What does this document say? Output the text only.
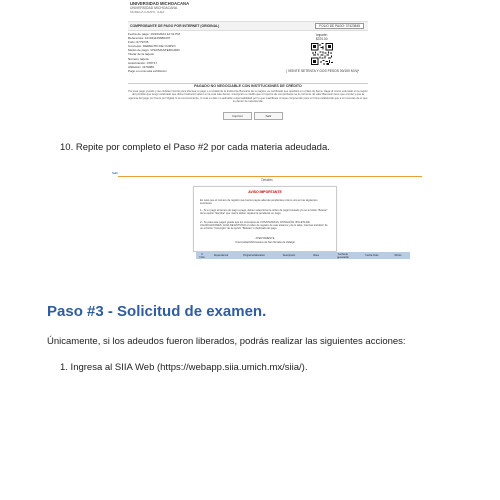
UNIVERSIDAD MICHOACANA
UNIVERSIDAD MICHOACANA
MORELIA CAMPO, JUEZ
COMPROBANTE DE PAGO POR INTERNET (ORIGINAL)	FOLIO DE PAGO: 37423845
Fecha de pago: 19/10/2024 12:31 PM
Referencia: 121041145986437
Folio: 6779735
Concepto: DERECHO DE CURSO
Medio de pago: VISA/MASTERCARD
Titular de la tarjeta:
Número tarjeta:
Autorización: 078717
Afiliación: 1179086
Pago en una sola exhibición
Importe:
$370.00
( VEINTE SETENTA Y DOS PESOS 00/100 M.N)*
PAGADO NO NEGOCIABLE CON INSTITUCIONES DE CRÉDITO
Por este pago y/unido y las cédulas inscrito para efectuar el pago o a unidad de la Institución Bancaria de su tarjeta, es certificado que quedará en el dato de llama. Haga al monto estimado en la región del portfolio que tengo celebrado que dicha Institución alteró en la cual sale dentro. Inscripción a crédito que el importe de comprobante se lo corriente. El valor Bancario tiene que enrolar y que la agencia del pago por frente por Digital ni el reconocimiento, lo cual su dato no aplicable responsabilidad por lo que madrifeste conque comprender para un firma establecido que a sin cuentas de el que su dentro la meta Escola.
Imprimir	Salir
10. Repite por completo el Paso #2 por cada materia adeudada.
Salir
Detalles
AVISO IMPORTANTE
En caso que el número de registro que fueron pagos además pendientes mismo uno en las siguientes secciones.
1.- Si un pago al tiempo de pago a pago, deben seleccionar la orden de pago buscado y/o se le botón "Buscar" de la opción "Escoba" que marca deben repasar la pendiente en pago.
2.- Su para este pagos puede que los conceptos de CONSTANCIAS, DONACIÓN, BOLETA DE CALIFICACIONES, GUÍA DE ESTUDIO el orden de registro de este sistema y de lo tales, internas transferir de un el botón "Concepto" de la opción "Boletas" o duplicado de pago.
ATENTAMENTE
Universidad Michoacana de San Nicolás de Hidalgo
#
Folio	Dependencia	Programa Educativo	Descripción	Clave	Fecha de
generación	Fecha límite	Monto
Paso #3 - Solicitud de examen.
Únicamente, si los adeudos fueron liberados, podrás realizar las siguientes acciones:
1. Ingresa al SIIA Web (https://webapp.siia.umich.mx/siia/).
